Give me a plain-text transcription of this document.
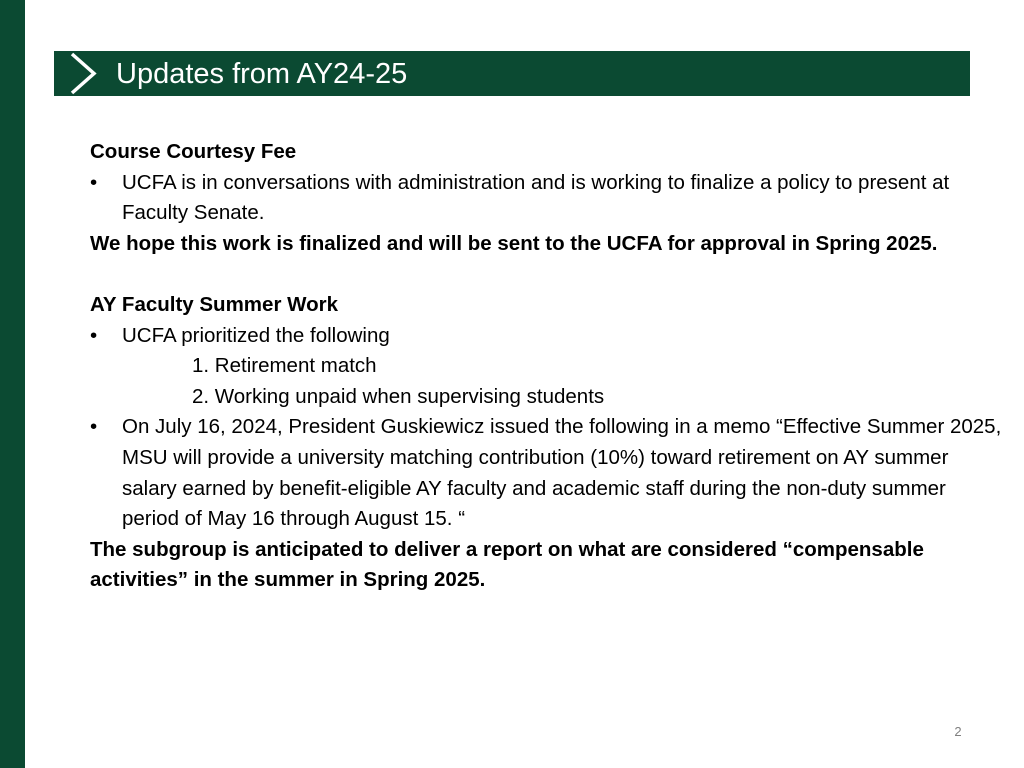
Updates from AY24-25

Course Courtesy Fee

• UCFA is in conversations with administration and is working to finalize a policy to present at Faculty Senate.

We hope this work is finalized and will be sent to the UCFA for approval in Spring 2025.

AY Faculty Summer Work

• UCFA prioritized the following

1. Retirement match

2. Working unpaid when supervising students

• On July 16, 2024, President Guskiewicz issued the following in a memo “Effective Summer 2025, MSU will provide a university matching contribution (10%) toward retirement on AY summer salary earned by benefit-eligible AY faculty and academic staff during the non-duty summer period of May 16 through August 15. “

The subgroup is anticipated to deliver a report on what are considered “compensable activities” in the summer in Spring 2025.

2
